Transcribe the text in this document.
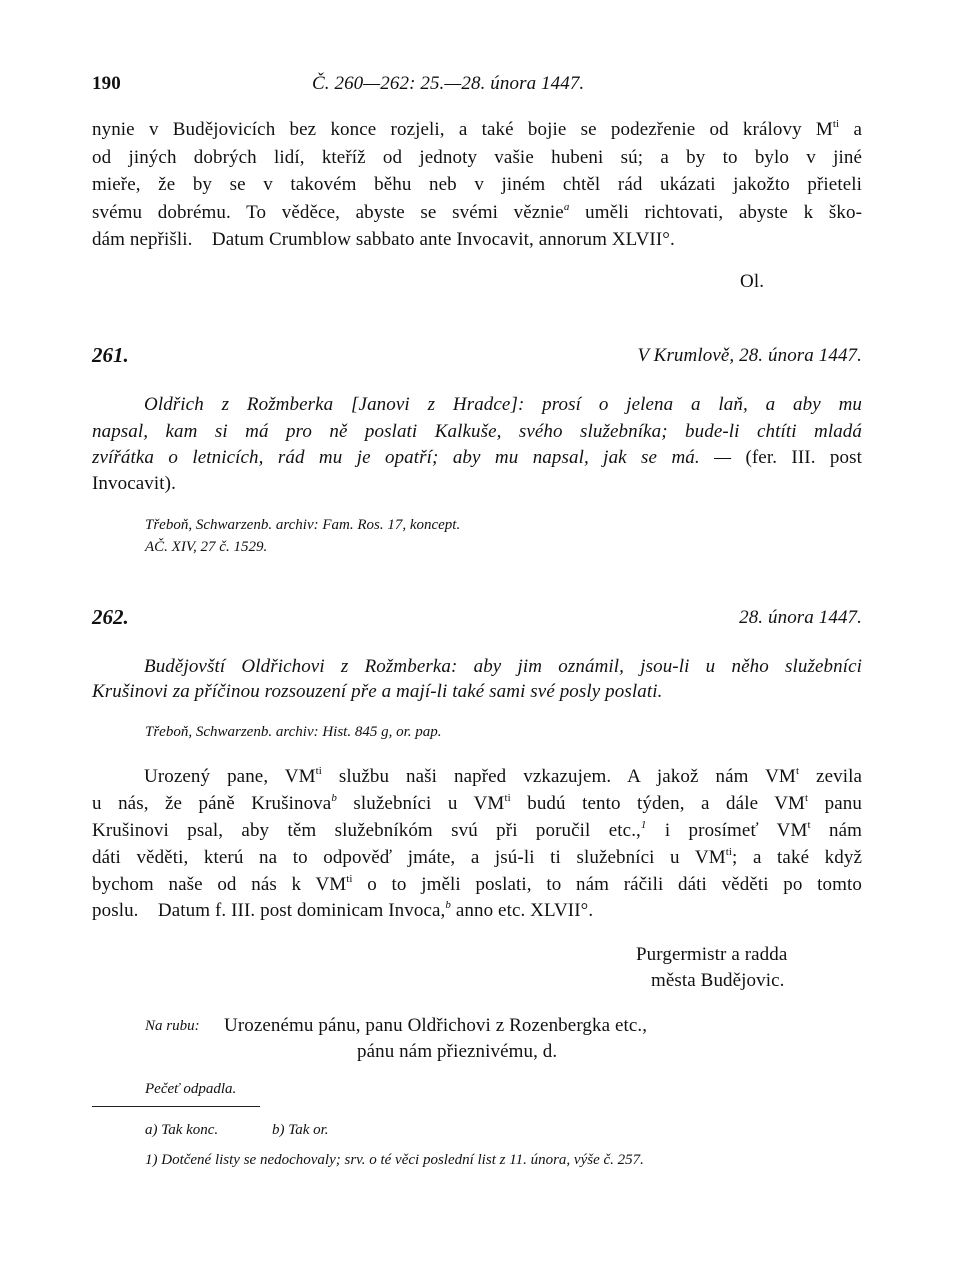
190	Č. 260—262: 25.—28. února 1447.
nynie v Budějovicích bez konce rozjeli, a také bojie se podezřenie od královy $M^{ti}$ a
od jiných dobrých lidí, kteříž od jednoty vašie hubeni sú; a by to bylo v jiné
mieře, že by se v takovém běhu neb v jiném chtěl rád ukázati jakožto přieteli
svému dobrému. To věděce, abyste se svémi věznie$^a$ uměli richtovati, abyste k ško-
dám nepřišli.    Datum Crumblow sabbato ante Invocavit, annorum XLVII°.
Ol.
261.	V Krumlově, 28. února 1447.
Oldřich z Rožmberka [Janovi z Hradce]: prosí o jelena a laň, a aby mu
napsal, kam si má pro ně poslati Kalkuše, svého služebníka; bude-li chtíti mladá
zvířátka o letnicích, rád mu je opatří; aby mu napsal, jak se má. — (fer. III. post
Invocavit).
Třeboň, Schwarzenb. archiv: Fam. Ros. 17, koncept.
AČ. XIV, 27 č. 1529.
262.	28. února 1447.
Budějovští Oldřichovi z Rožmberka: aby jim oznámil, jsou-li u něho služebníci
Krušinovi za příčinou rozsouzení pře a mají-li také sami své posly poslati.
Třeboň, Schwarzenb. archiv: Hist. 845 g, or. pap.
Urozený pane, $VM^{ti}$ službu naši napřed vzkazujem. A jakož nám $VM^t$ zevila
u nás, že páně Krušinova$^b$ služebníci u $VM^{ti}$ budú tento týden, a dále $VM^t$ panu
Krušinovi psal, aby těm služebníkóm svú při poručil etc.,$^1$ i prosímeť $VM^t$ nám
dáti věděti, kterú na to odpověď jmáte, a jsú-li ti služebníci u $VM^{ti}$; a také když
bychom naše od nás k $VM^{ti}$ o to jměli poslati, to nám ráčili dáti věděti po tomto
poslu.    Datum f. III. post dominicam Invoca,$^b$ anno etc. XLVII°.
Purgermistr a radda
města Budějovic.
Na rubu: Urozenému pánu, panu Oldřichovi z Rozenbergka etc.,
pánu nám přieznivému, d.
Pečeť odpadla.
a) Tak konc.	b) Tak or.
1) Dotčené listy se nedochovaly; srv. o té věci poslední list z 11. února, výše č. 257.
